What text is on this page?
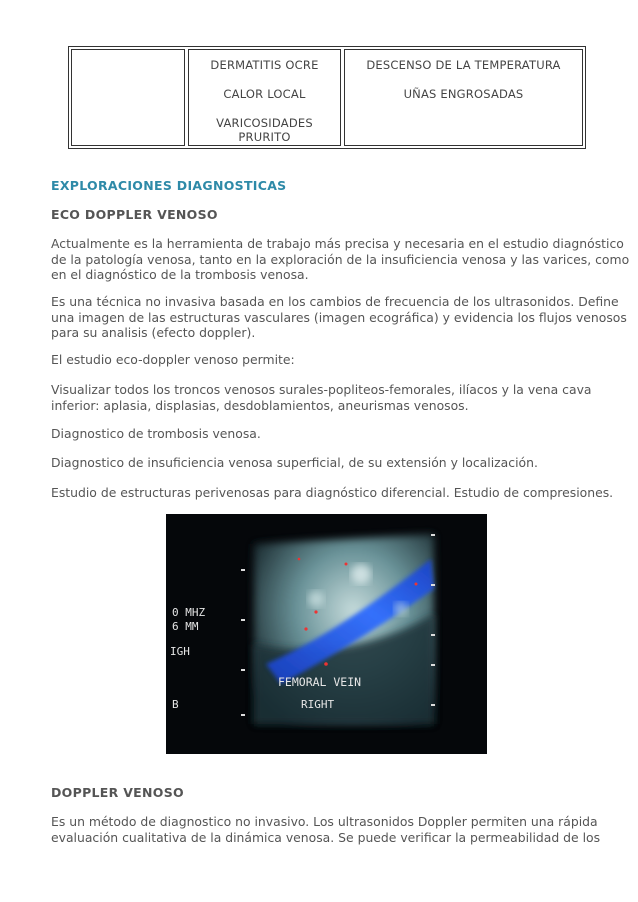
DERMATITIS OCRE
CALOR LOCAL
VARICOSIDADES
PRURITO
DESCENSO DE LA TEMPERATURA
UÑAS ENGROSADAS
EXPLORACIONES DIAGNOSTICAS
ECO DOPPLER VENOSO
Actualmente es la herramienta de trabajo más precisa y necesaria en el estudio diagnóstico
de la patología venosa, tanto en la exploración de la insuficiencia venosa y las varices, como
en el diagnóstico de la trombosis venosa.
Es una técnica no invasiva basada en los cambios de frecuencia de los ultrasonidos. Define
una imagen de las estructuras vasculares (imagen ecográfica) y evidencia los flujos venosos
para su analisis (efecto doppler).
El estudio eco-doppler venoso permite:
Visualizar todos los troncos venosos surales-popliteos-femorales, ilíacos y la vena cava
inferior: aplasia, displasias, desdoblamientos, aneurismas venosos.
Diagnostico de trombosis venosa.
Diagnostico de insuficiencia venosa superficial, de su extensión y localización.
Estudio de estructuras perivenosas para diagnóstico diferencial. Estudio de compresiones.
0 MHZ
6 MM
IGH
B
FEMORAL VEIN
RIGHT
DOPPLER VENOSO
Es un método de diagnostico no invasivo. Los ultrasonidos Doppler permiten una rápida
evaluación cualitativa de la dinámica venosa. Se puede verificar la permeabilidad de los
